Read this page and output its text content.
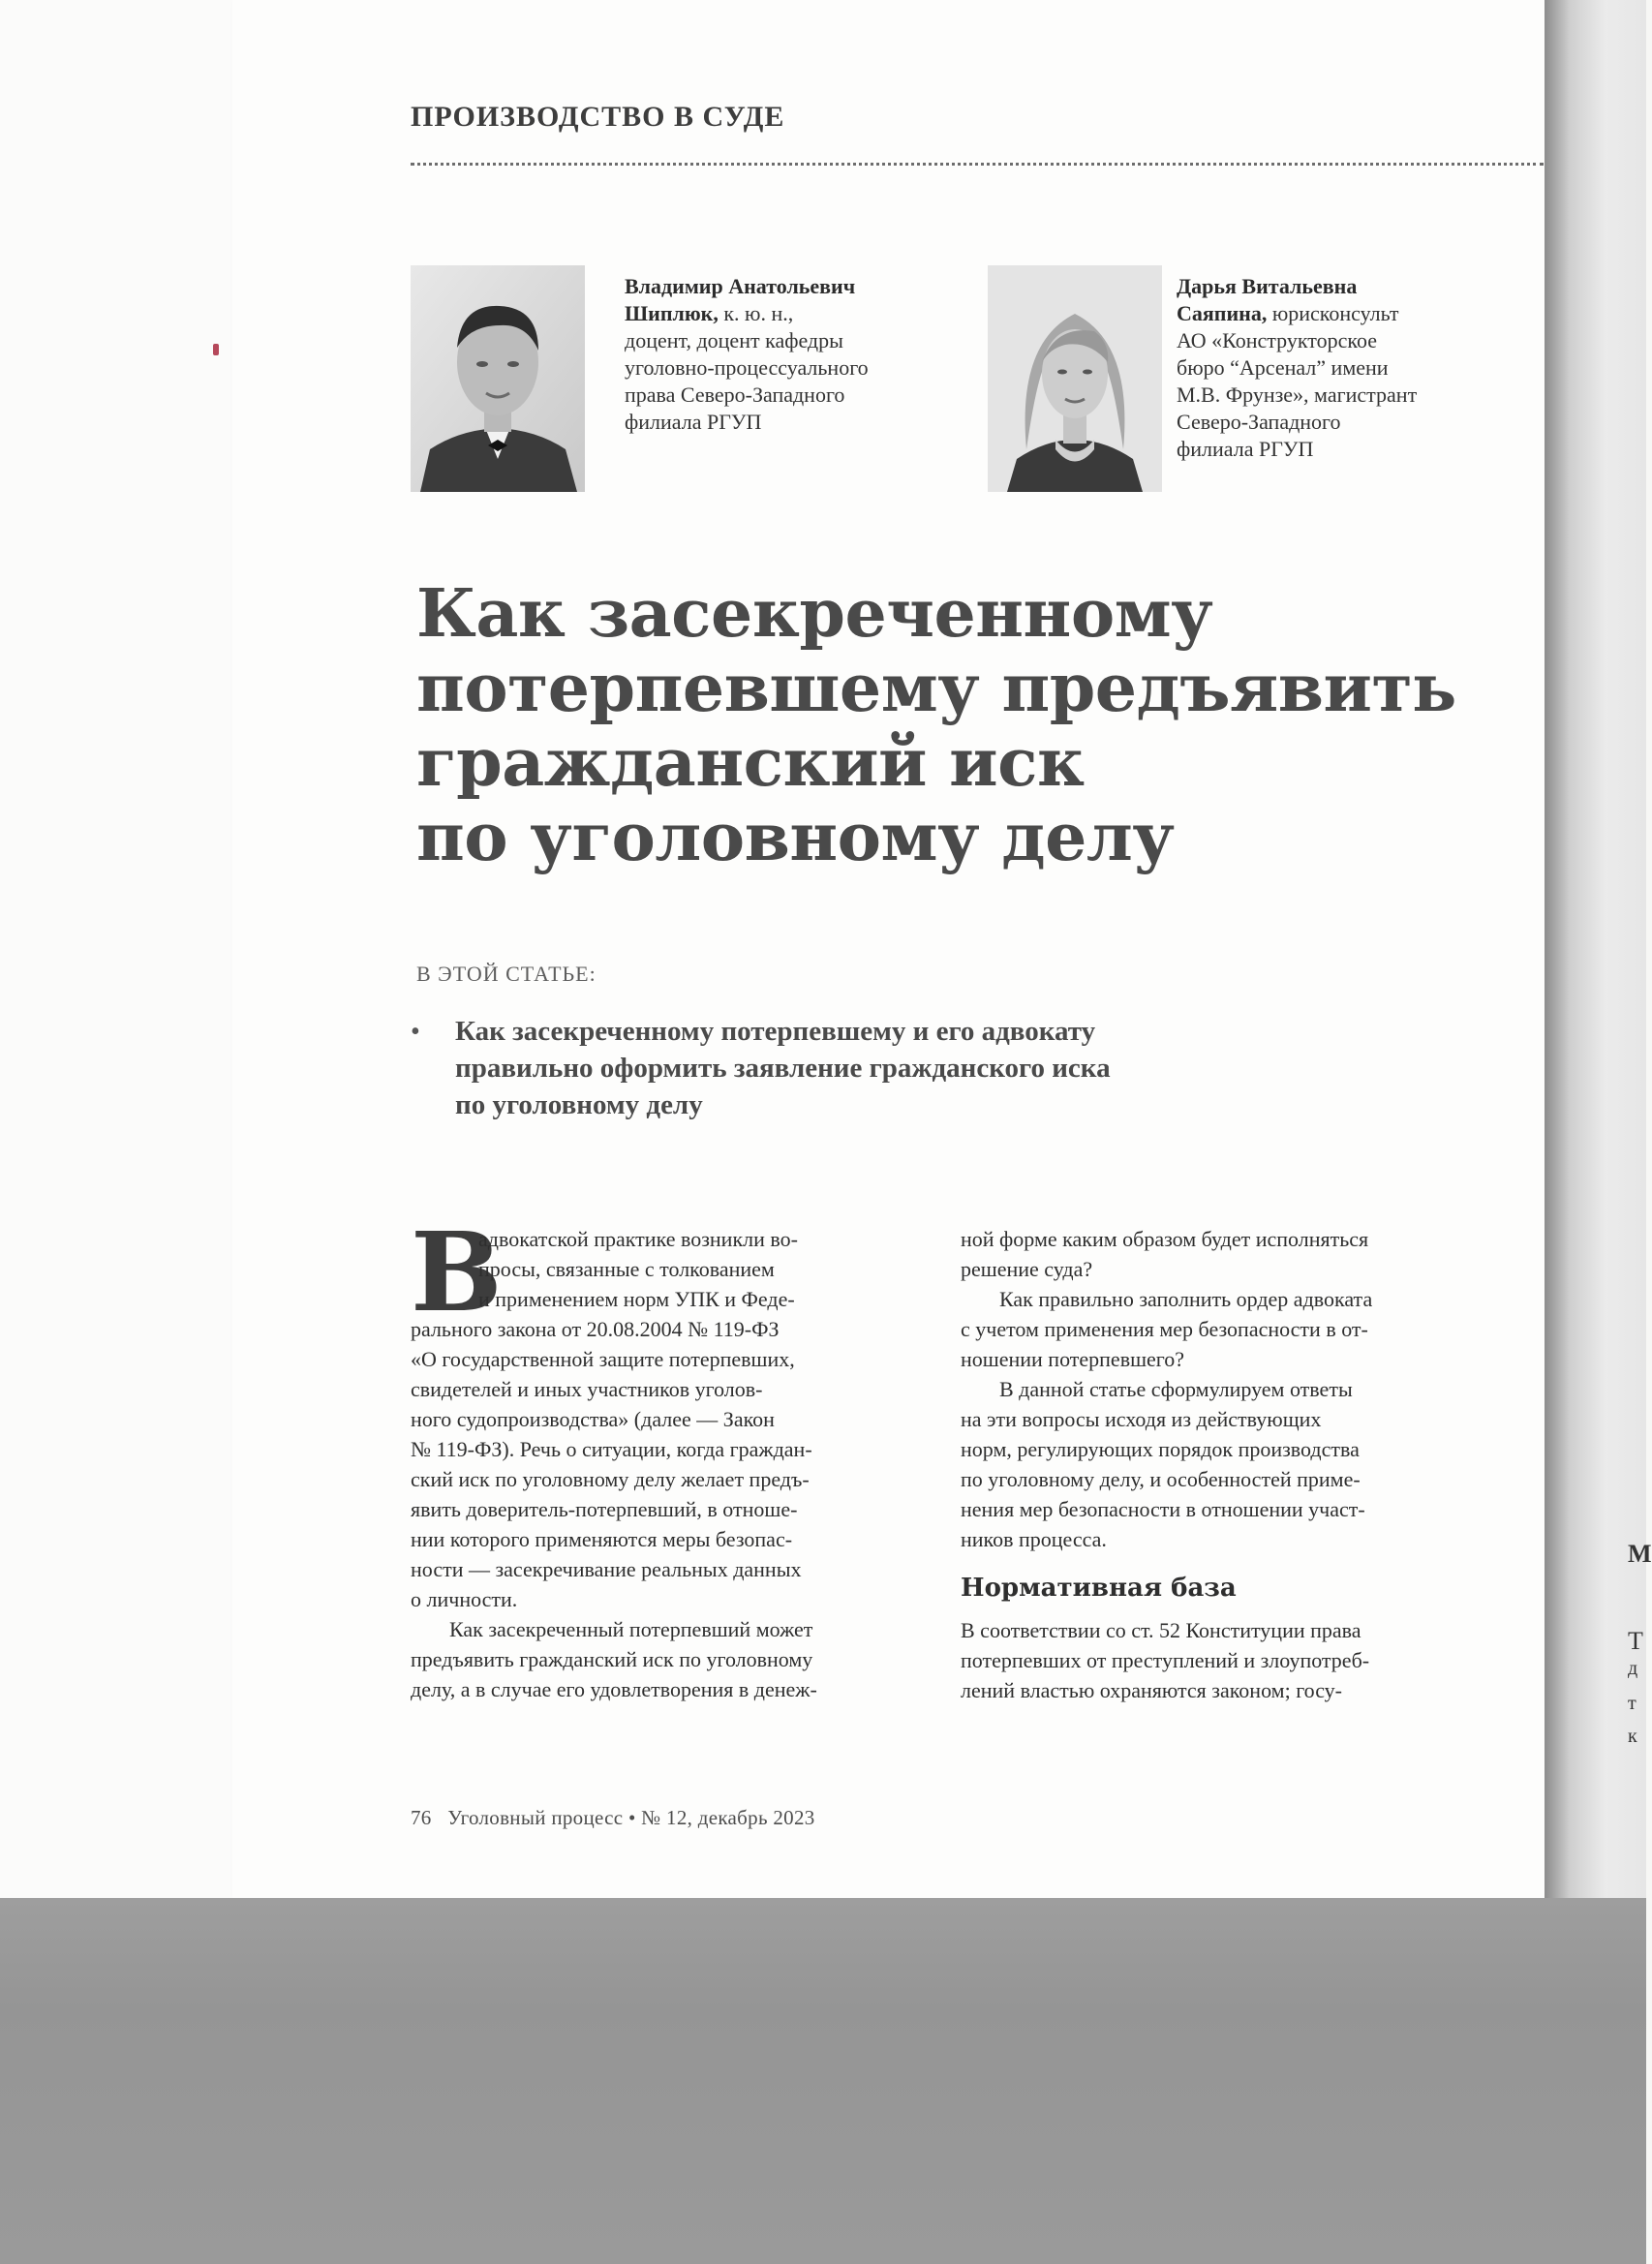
М
Т
д
т
к
ПРОИЗВОДСТВО В СУДЕ
Владимир Анатольевич
Шиплюк, к. ю. н.,
доцент, доцент кафедры
уголовно-процессуального
права Северо-Западного
филиала РГУП
Дарья Витальевна
Саяпина, юрисконсульт
АО «Конструкторское
бюро “Арсенал” имени
М.В. Фрунзе», магистрант
Северо-Западного
филиала РГУП
Как засекреченному
потерпевшему предъявить
гражданский иск
по уголовному делу
В ЭТОЙ СТАТЬЕ:
• Как засекреченному потерпевшему и его адвокату
правильно оформить заявление гражданского иска
по уголовному делу
В
адвокатской практике возникли во-
просы, связанные с толкованием
и применением норм УПК и Феде-
рального закона от 20.08.2004 № 119-ФЗ
«О государственной защите потерпевших,
свидетелей и иных участников уголов-
ного судопроизводства» (далее — Закон
№ 119-ФЗ). Речь о ситуации, когда граждан-
ский иск по уголовному делу желает предъ-
явить доверитель-потерпевший, в отноше-
нии которого применяются меры безопас-
ности — засекречивание реальных данных
о личности.
Как засекреченный потерпевший может
предъявить гражданский иск по уголовному
делу, а в случае его удовлетворения в денеж-
ной форме каким образом будет исполняться
решение суда?
Как правильно заполнить ордер адвоката
с учетом применения мер безопасности в от-
ношении потерпевшего?
В данной статье сформулируем ответы
на эти вопросы исходя из действующих
норм, регулирующих порядок производства
по уголовному делу, и особенностей приме-
нения мер безопасности в отношении участ-
ников процесса.
Нормативная база
В соответствии со ст. 52 Конституции права
потерпевших от преступлений и злоупотреб-
лений властью охраняются законом; госу-
76 Уголовный процесс • № 12, декабрь 2023
